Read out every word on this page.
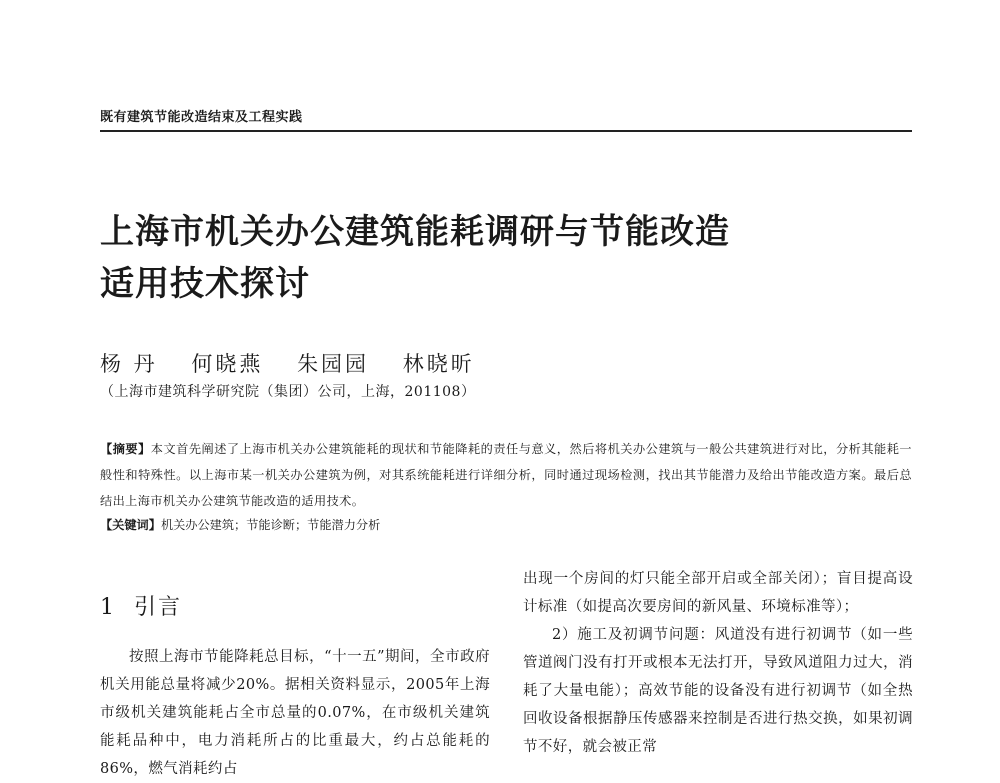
既有建筑节能改造结束及工程实践
上海市机关办公建筑能耗调研与节能改造
适用技术探讨
杨 丹 何晓燕 朱园园 林晓昕
（上海市建筑科学研究院（集团）公司，上海，201108）
【摘要】本文首先阐述了上海市机关办公建筑能耗的现状和节能降耗的责任与意义，然后将机关办公建筑与一般公共建筑进行对比，分析其能耗一般性和特殊性。以上海市某一机关办公建筑为例，对其系统能耗进行详细分析，同时通过现场检测，找出其节能潜力及给出节能改造方案。最后总结出上海市机关办公建筑节能改造的适用技术。
【关键词】机关办公建筑；节能诊断；节能潜力分析
1 引言

按照上海市节能降耗总目标，“十一五”期间，全市政府机关用能总量将减少20%。据相关资料显示，2005年上海市级机关建筑能耗占全市总量的0.07%，在市级机关建筑能耗品种中，电力消耗所占的比重最大，约占总能耗的86%，燃气消耗约占

出现一个房间的灯只能全部开启或全部关闭）；盲目提高设计标准（如提高次要房间的新风量、环境标准等）；

2）施工及初调节问题：风道没有进行初调节（如一些管道阀门没有打开或根本无法打开，导致风道阻力过大，消耗了大量电能）；高效节能的设备没有进行初调节（如全热回收设备根据静压传感器来控制是否进行热交换，如果初调节不好，就会被正常
